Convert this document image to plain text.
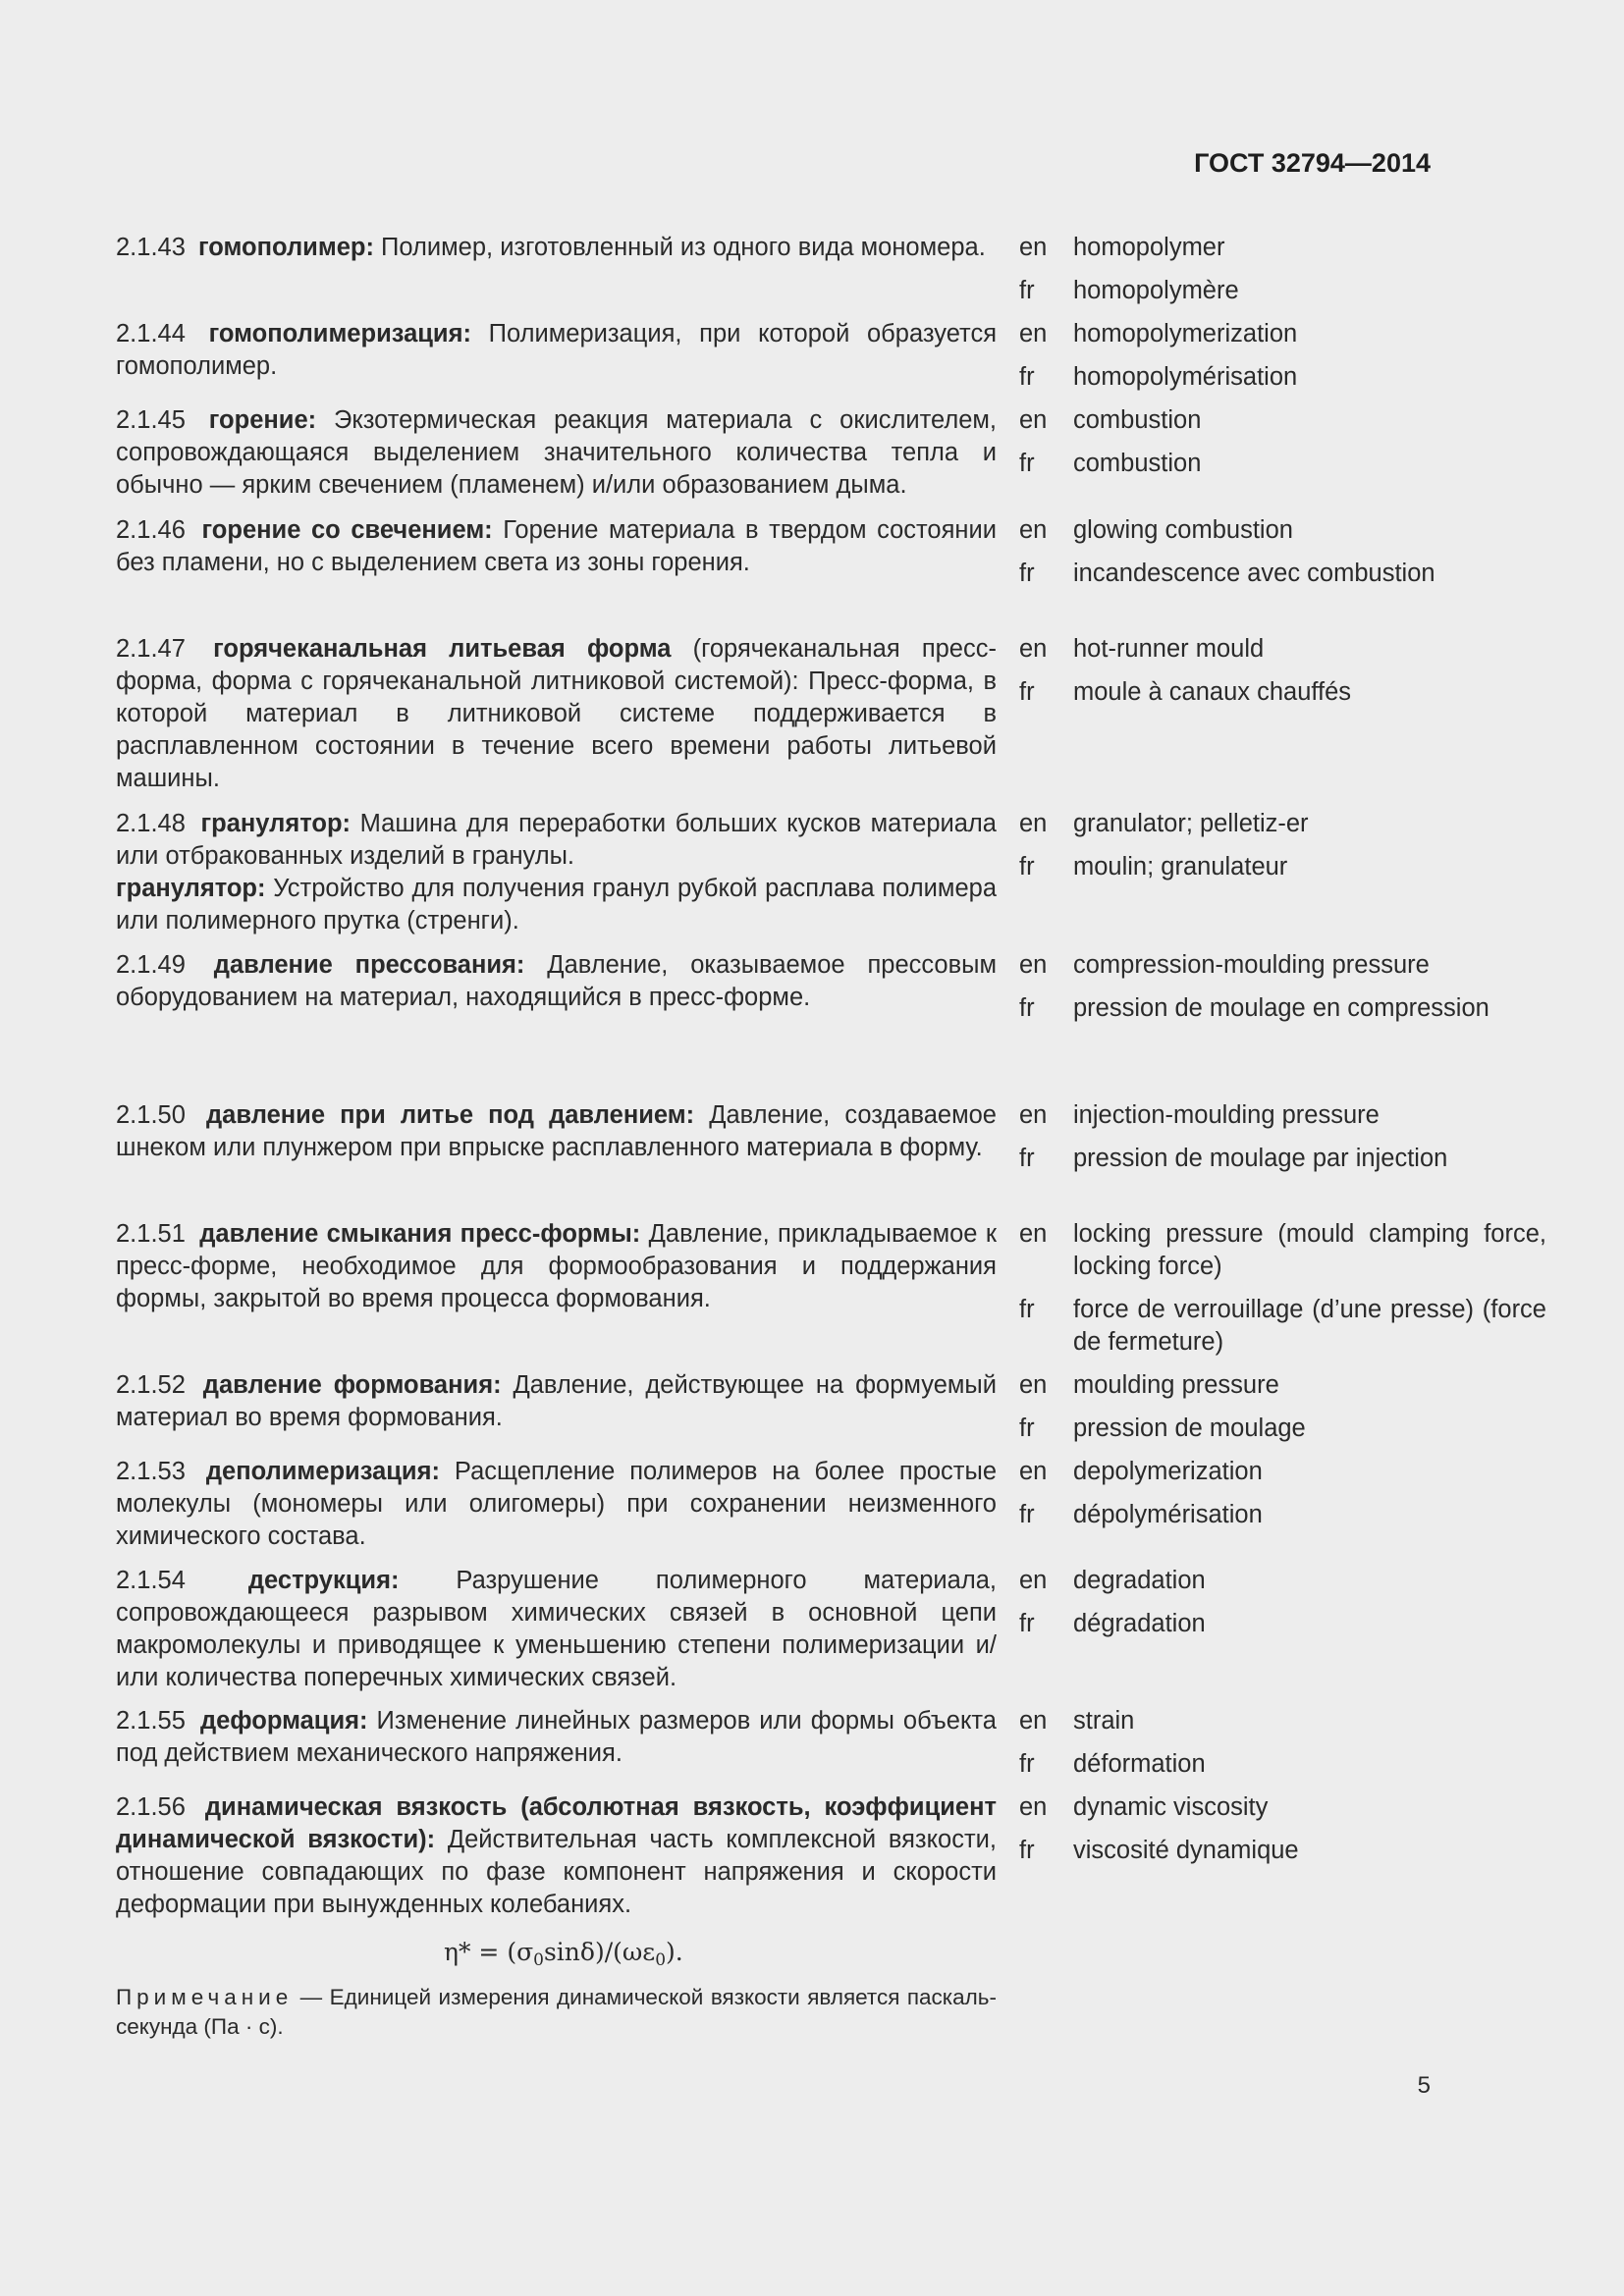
ГОСТ 32794—2014
2.1.43 гомополимер: Полимер, изготовленный из одного вида мономера.	en	homopolymer
fr	homopolymère
2.1.44 гомополимеризация: Полимеризация, при которой образуется гомополимер.
en	homopolymerization
fr	homopolymérisation
2.1.45 горение: Экзотермическая реакция материала с окислителем, сопровождающаяся выделением значительного количества тепла и обычно — ярким свечением (пламенем) и/или образованием дыма.
en	combustion
fr	combustion
2.1.46 горение со свечением: Горение материала в твердом состоянии без пламени, но с выделением света из зоны горения.
en	glowing combustion
fr	incandescence avec combustion
2.1.47 горячеканальная литьевая форма (горячеканальная пресс-форма, форма с горячеканальной литниковой системой): Пресс-форма, в которой материал в литниковой системе поддерживается в расплавленном состоянии в течение всего времени работы литьевой машины.
en	hot-runner mould
fr	moule à canaux chauffés
2.1.48 гранулятор: Машина для переработки больших кусков материала или отбракованных изделий в гранулы.
гранулятор: Устройство для получения гранул рубкой расплава полимера или полимерного прутка (стренги).
en	granulator; pelletiz-er
fr	moulin; granulateur
2.1.49 давление прессования: Давление, оказываемое прессовым оборудованием на материал, находящийся в пресс-форме.
en	compression-moulding pressure
fr	pression de moulage en compression
2.1.50 давление при литье под давлением: Давление, создаваемое шнеком или плунжером при впрыске расплавленного материала в форму.
en	injection-moulding pressure
fr	pression de moulage par injection
2.1.51 давление смыкания пресс-формы: Давление, прикладываемое к пресс-форме, необходимое для формообразования и поддержания формы, закрытой во время процесса формования.
en	locking pressure (mould clamping force, locking force)
fr	force de verrouillage (d’une presse) (force de fermeture)
2.1.52 давление формования: Давление, действующее на формуемый материал во время формования.
en	moulding pressure
fr	pression de moulage
2.1.53 деполимеризация: Расщепление полимеров на более простые молекулы (мономеры или олигомеры) при сохранении неизменного химического состава.
en	depolymerization
fr	dépolymérisation
2.1.54	деструкция: Разрушение полимерного материала, сопровождающееся разрывом химических связей в основной цепи макромолекулы и приводящее к уменьшению степени полимеризации и/или количества поперечных химических связей.
en	degradation
fr	dégradation
2.1.55 деформация: Изменение линейных размеров или формы объекта под действием механического напряжения.
en	strain
fr	déformation
2.1.56 динамическая вязкость (абсолютная вязкость, коэффициент динамической вязкости): Действительная часть комплексной вязкости, отношение совпадающих по фазе компонент напряжения и скорости деформации при вынужденных колебаниях.
en	dynamic viscosity
fr	viscosité dynamique
$\eta* = (\sigma_0\sin\delta)/(\omega\varepsilon_0)$.
Примечание — Единицей измерения динамической вязкости является паскаль-секунда (Па · с).
5
